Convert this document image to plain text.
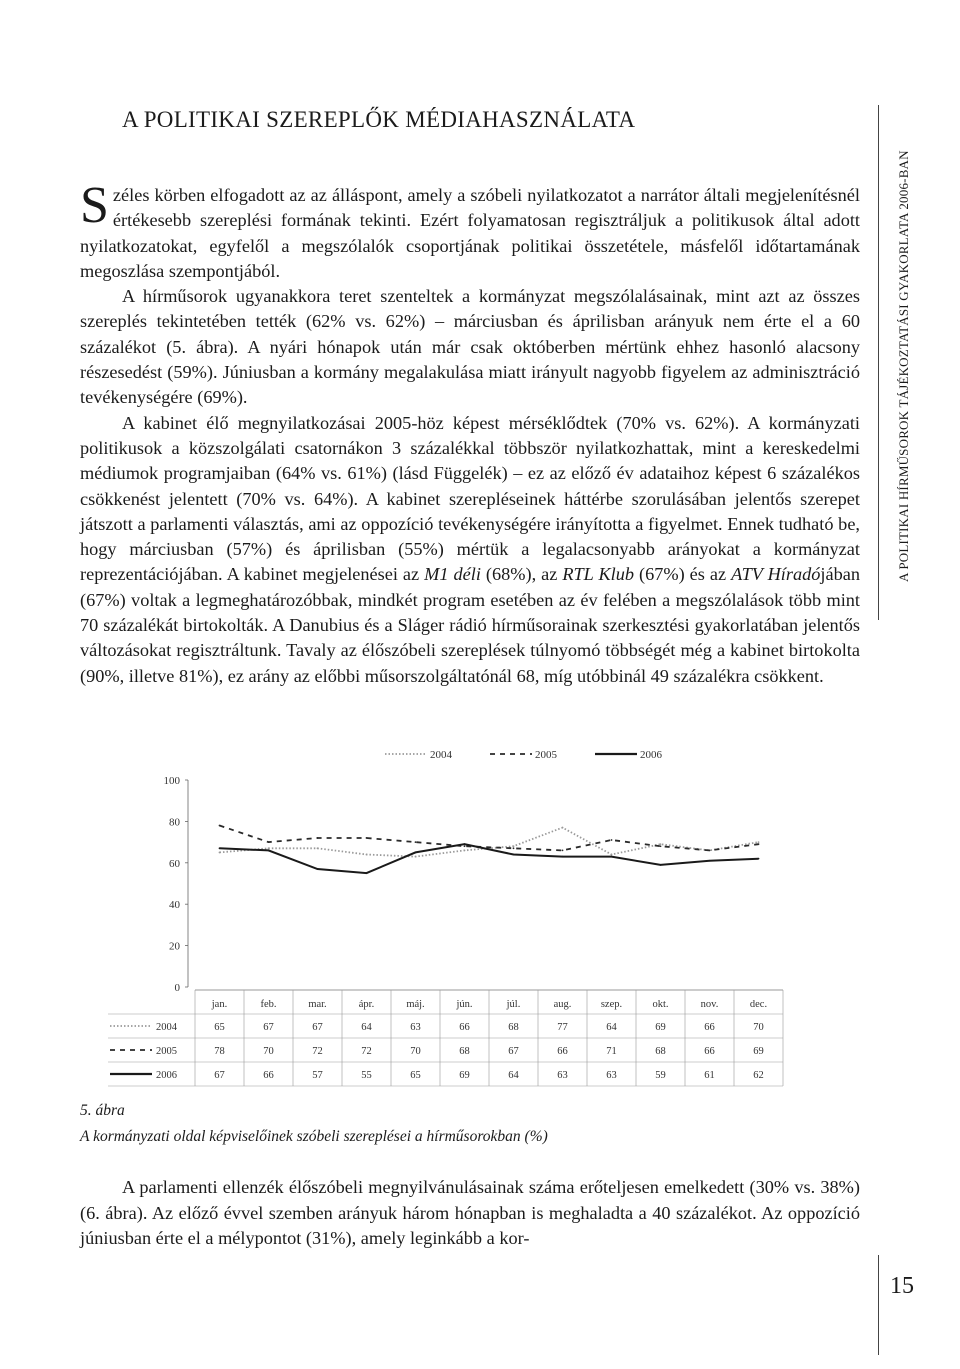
A POLITIKAI SZEREPLŐK MÉDIAHASZNÁLATA
A POLITIKAI HÍRMŰSOROK TÁJÉKOZTATÁSI GYAKORLATA 2006-BAN

Széles körben elfogadott az az álláspont, amely a szóbeli nyilatkozatot a narrátor általi megjelenítésnél értékesebb szereplési formának tekinti. Ezért folyamatosan regisztráljuk a politikusok által adott nyilatkozatokat, egyfelől a megszólalók csoportjának politikai összetétele, másfelől időtartamának megoszlása szempontjából.

A hírműsorok ugyanakkora teret szenteltek a kormányzat megszólalásainak, mint azt az összes szereplés tekintetében tették (62% vs. 62%) – márciusban és áprilisban arányuk nem érte el a 60 százalékot (5. ábra). A nyári hónapok után már csak októberben mértünk ehhez hasonló alacsony részesedést (59%). Júniusban a kormány megalakulása miatt irányult nagyobb figyelem az adminisztráció tevékenységére (69%).

A kabinet élő megnyilatkozásai 2005-höz képest mérséklődtek (70% vs. 62%). A kormányzati politikusok a közszolgálati csatornákon 3 százalékkal többször nyilatkozhattak, mint a kereskedelmi médiumok programjaiban (64% vs. 61%) (lásd Függelék) – ez az előző év adataihoz képest 6 százalékos csökkenést jelentett (70% vs. 64%). A kabinet szerepléseinek háttérbe szorulásában jelentős szerepet játszott a parlamenti választás, ami az oppozíció tevékenységére irányította a figyelmet. Ennek tudható be, hogy márciusban (57%) és áprilisban (55%) mértük a legalacsonyabb arányokat a kormányzat reprezentációjában. A kabinet megjelenései az M1 déli (68%), az RTL Klub (67%) és az ATV Híradójában (67%) voltak a legmeghatározóbbak, mindkét program esetében az év felében a megszólalások több mint 70 százalékát birtokolták. A Danubius és a Sláger rádió hírműsorainak szerkesztési gyakorlatában jelentős változásokat regisztráltunk. Tavaly az élőszóbeli szereplések túlnyomó többségét még a kabinet birtokolta (90%, illetve 81%), ez arány az előbbi műsorszolgáltatónál 68, míg utóbbinál 49 százalékra csökkent.

2004	2005	2006
0
20
40
60
80
100
jan.	feb.	mar.	ápr.	máj.	jún.	júl.	aug.	szep.	okt.	nov.	dec.
2004	65	67	67	64	63	66	68	77	64	69	66	70
2005	78	70	72	72	70	68	67	66	71	68	66	69
2006	67	66	57	55	65	69	64	63	63	59	61	62
5. ábra
A kormányzati oldal képviselőinek szóbeli szereplései a hírműsorokban (%)

A parlamenti ellenzék élőszóbeli megnyilvánulásainak száma erőteljesen emelkedett (30% vs. 38%) (6. ábra). Az előző évvel szemben arányuk három hónapban is meghaladta a 40 százalékot. Az oppozíció júniusban érte el a mélypontot (31%), amely leginkább a kor-

15
